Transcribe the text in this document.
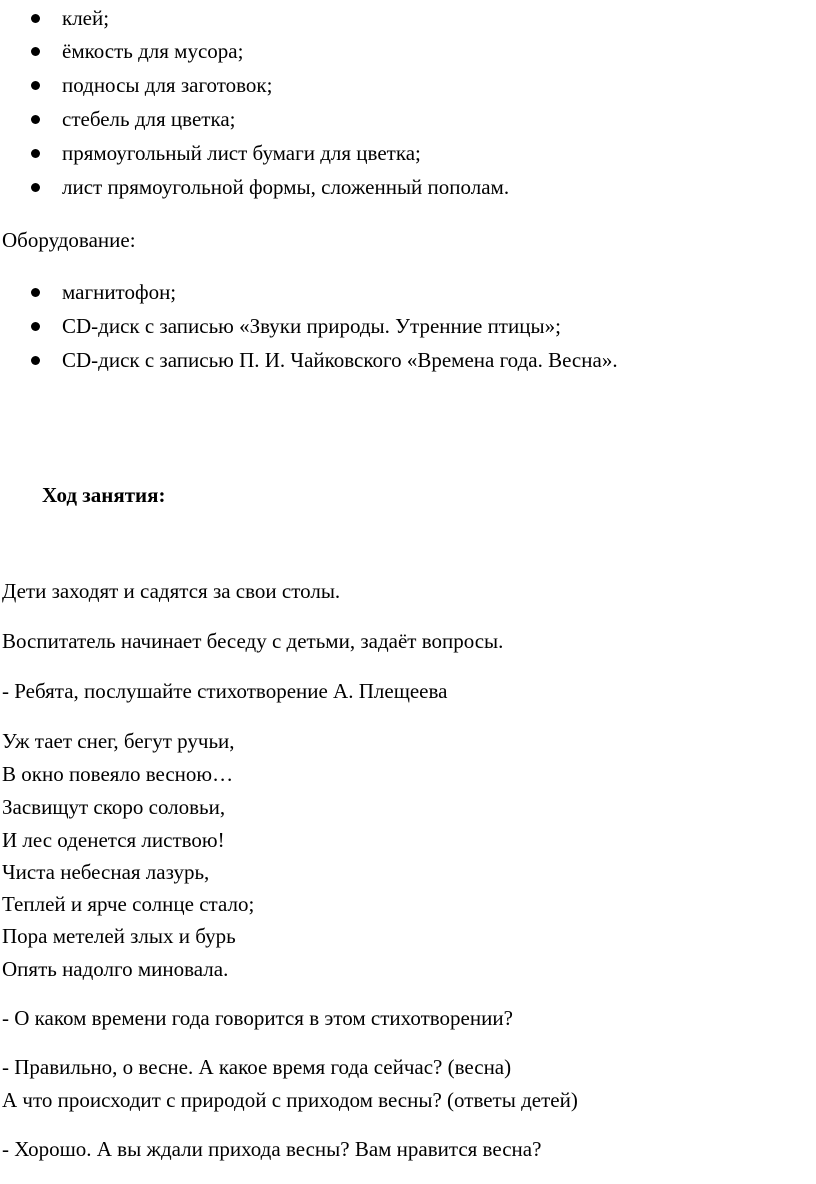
клей;
ёмкость для мусора;
подносы для заготовок;
стебель для цветка;
прямоугольный лист бумаги для цветка;
лист прямоугольной формы, сложенный пополам.
Оборудование:
магнитофон;
CD-диск с записью «Звуки природы. Утренние птицы»;
CD-диск с записью П. И. Чайковского «Времена года. Весна».
Ход занятия:
Дети заходят и садятся за свои столы.
Воспитатель начинает беседу с детьми, задаёт вопросы.
- Ребята, послушайте стихотворение А. Плещеева
Уж тает снег, бегут ручьи,
В окно повеяло весною…
Засвищут скоро соловьи,
И лес оденется листвою!
Чиста небесная лазурь,
Теплей и ярче солнце стало;
Пора метелей злых и бурь
Опять надолго миновала.
- О каком времени года говорится в этом стихотворении?
- Правильно, о весне. А какое время года сейчас? (весна)
А что происходит с природой с приходом весны? (ответы детей)
- Хорошо. А вы ждали прихода весны? Вам нравится весна?
